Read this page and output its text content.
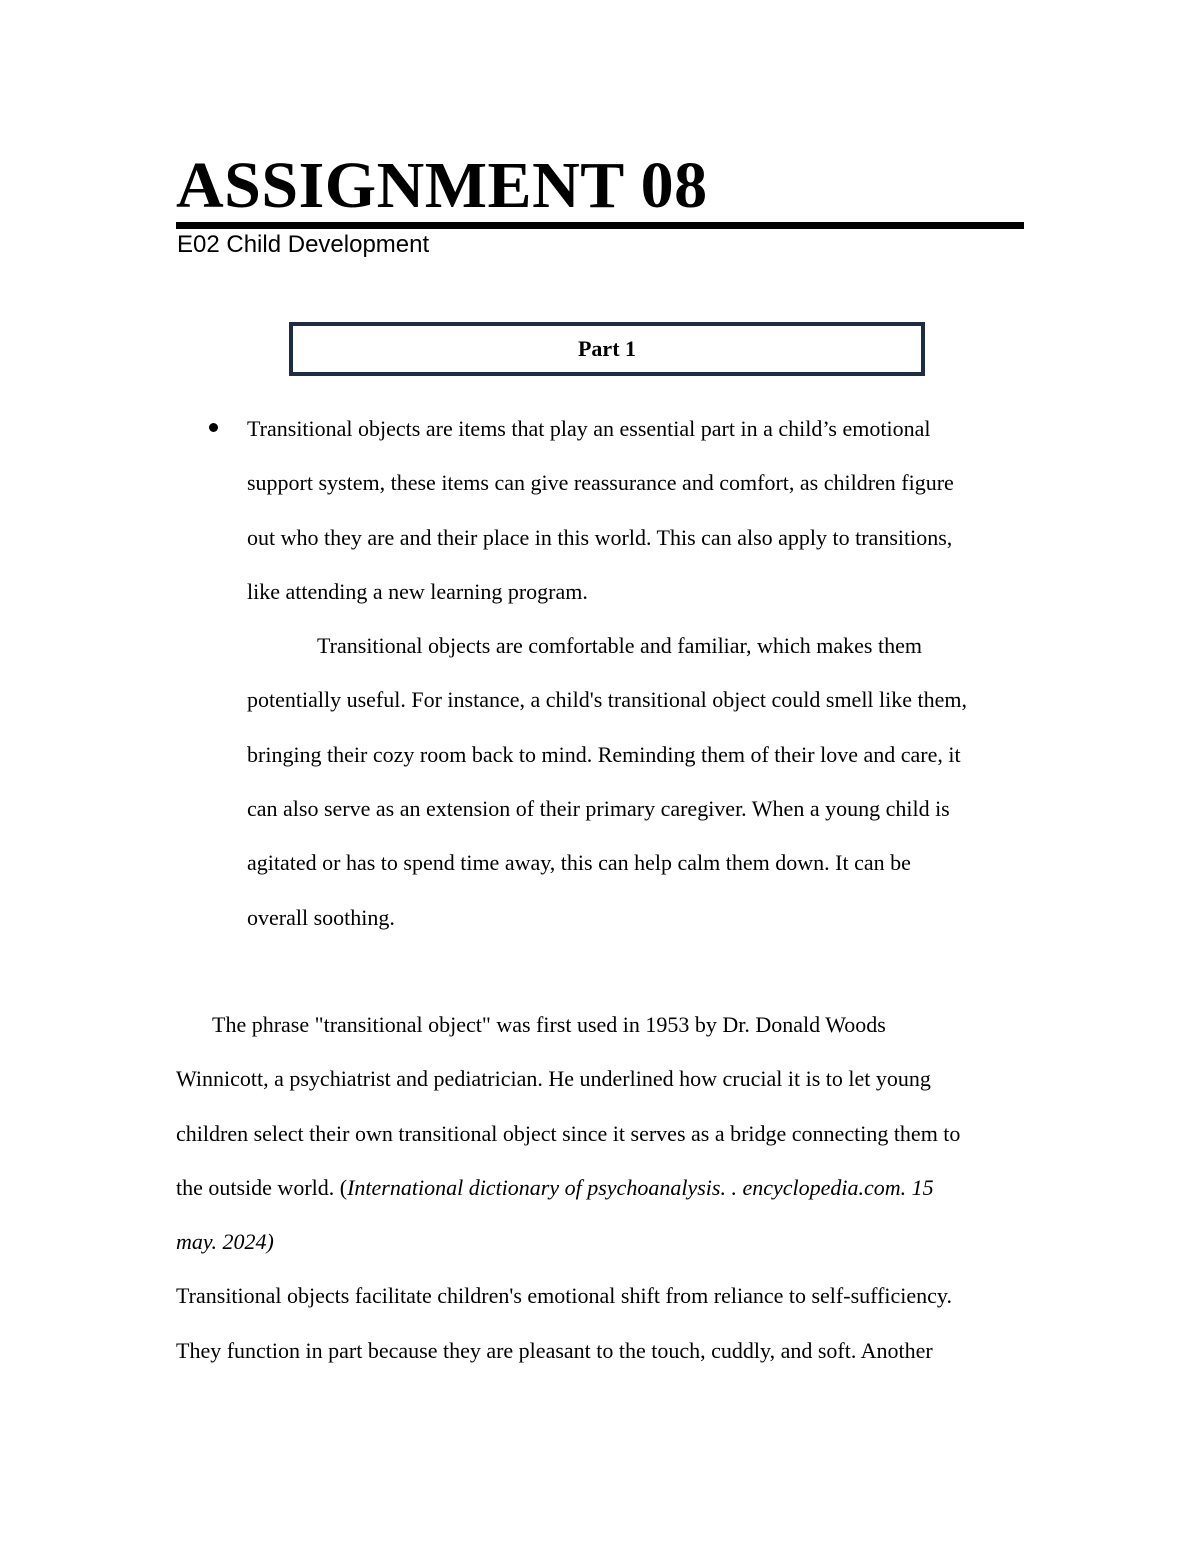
ASSIGNMENT 08
E02 Child Development
Part 1
Transitional objects are items that play an essential part in a child’s emotional
support system, these items can give reassurance and comfort, as children figure
out who they are and their place in this world. This can also apply to transitions,
like attending a new learning program.
Transitional objects are comfortable and familiar, which makes them
potentially useful. For instance, a child's transitional object could smell like them,
bringing their cozy room back to mind. Reminding them of their love and care, it
can also serve as an extension of their primary caregiver. When a young child is
agitated or has to spend time away, this can help calm them down. It can be
overall soothing.
The phrase "transitional object" was first used in 1953 by Dr. Donald Woods
Winnicott, a psychiatrist and pediatrician. He underlined how crucial it is to let young
children select their own transitional object since it serves as a bridge connecting them to
the outside world. (International dictionary of psychoanalysis. . encyclopedia.com. 15
may. 2024)
Transitional objects facilitate children's emotional shift from reliance to self-sufficiency.
They function in part because they are pleasant to the touch, cuddly, and soft. Another
